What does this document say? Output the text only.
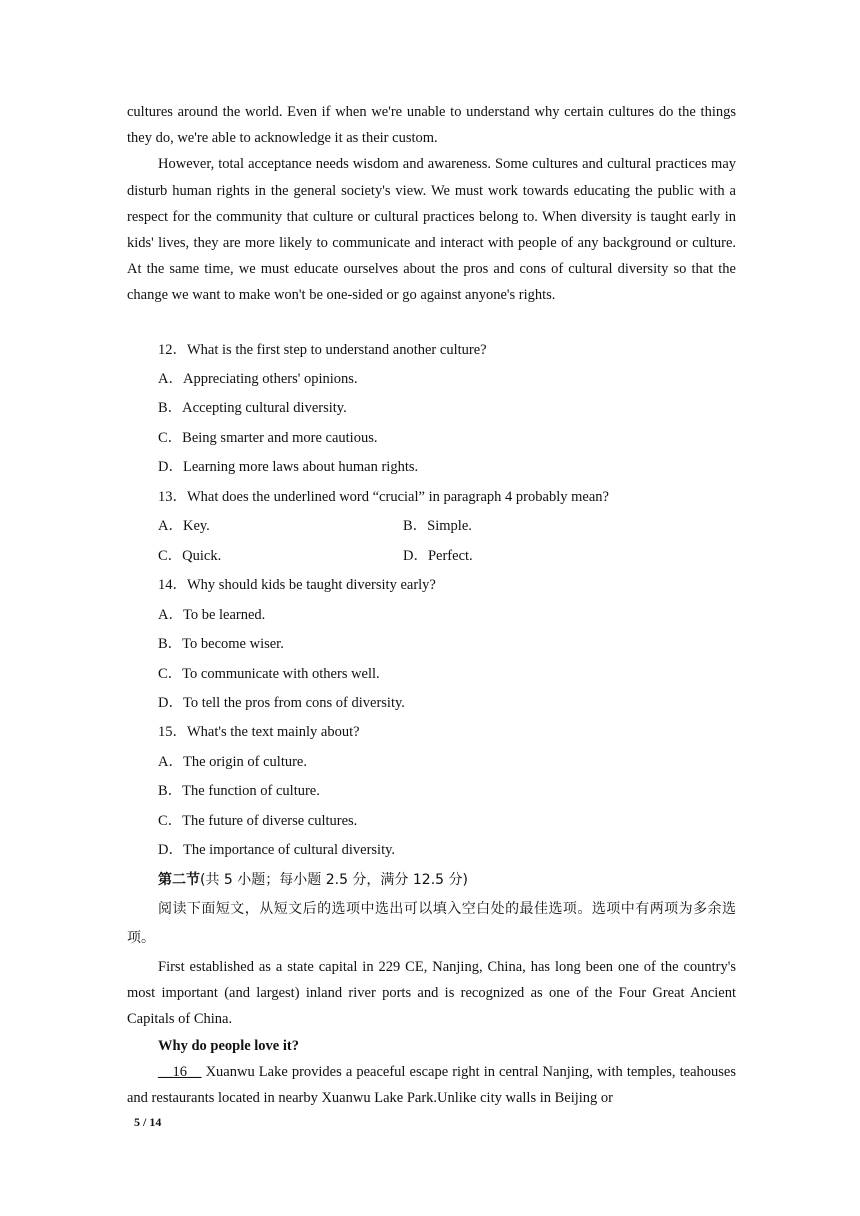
cultures around the world. Even if when we're unable to understand why certain cultures do the things they do, we're able to acknowledge it as their custom.

However, total acceptance needs wisdom and awareness. Some cultures and cultural practices may disturb human rights in the general society's view. We must work towards educating the public with a respect for the community that culture or cultural practices belong to. When diversity is taught early in kids' lives, they are more likely to communicate and interact with people of any background or culture. At the same time, we must educate ourselves about the pros and cons of cultural diversity so that the change we want to make won't be one-sided or go against anyone's rights.

12．What is the first step to understand another culture?
A．Appreciating others' opinions.
B．Accepting cultural diversity.
C．Being smarter and more cautious.
D．Learning more laws about human rights.
13．What does the underlined word “crucial” in paragraph 4 probably mean?
A．Key.	B．Simple.
C．Quick.	D．Perfect.
14．Why should kids be taught diversity early?
A．To be learned.
B．To become wiser.
C．To communicate with others well.
D．To tell the pros from cons of diversity.
15．What's the text mainly about?
A．The origin of culture.
B．The function of culture.
C．The future of diverse cultures.
D．The importance of cultural diversity.
第二节(共 5 小题；每小题 2.5 分，满分 12.5 分)

阅读下面短文，从短文后的选项中选出可以填入空白处的最佳选项。选项中有两项为多余选项。

First established as a state capital in 229 CE, Nanjing, China, has long been one of the country's most important (and largest) inland river ports and is recognized as one of the Four Great Ancient Capitals of China.

Why do people love it?

__16__ Xuanwu Lake provides a peaceful escape right in central Nanjing, with temples, teahouses and restaurants located in nearby Xuanwu Lake Park.Unlike city walls in Beijing or

5 / 14
